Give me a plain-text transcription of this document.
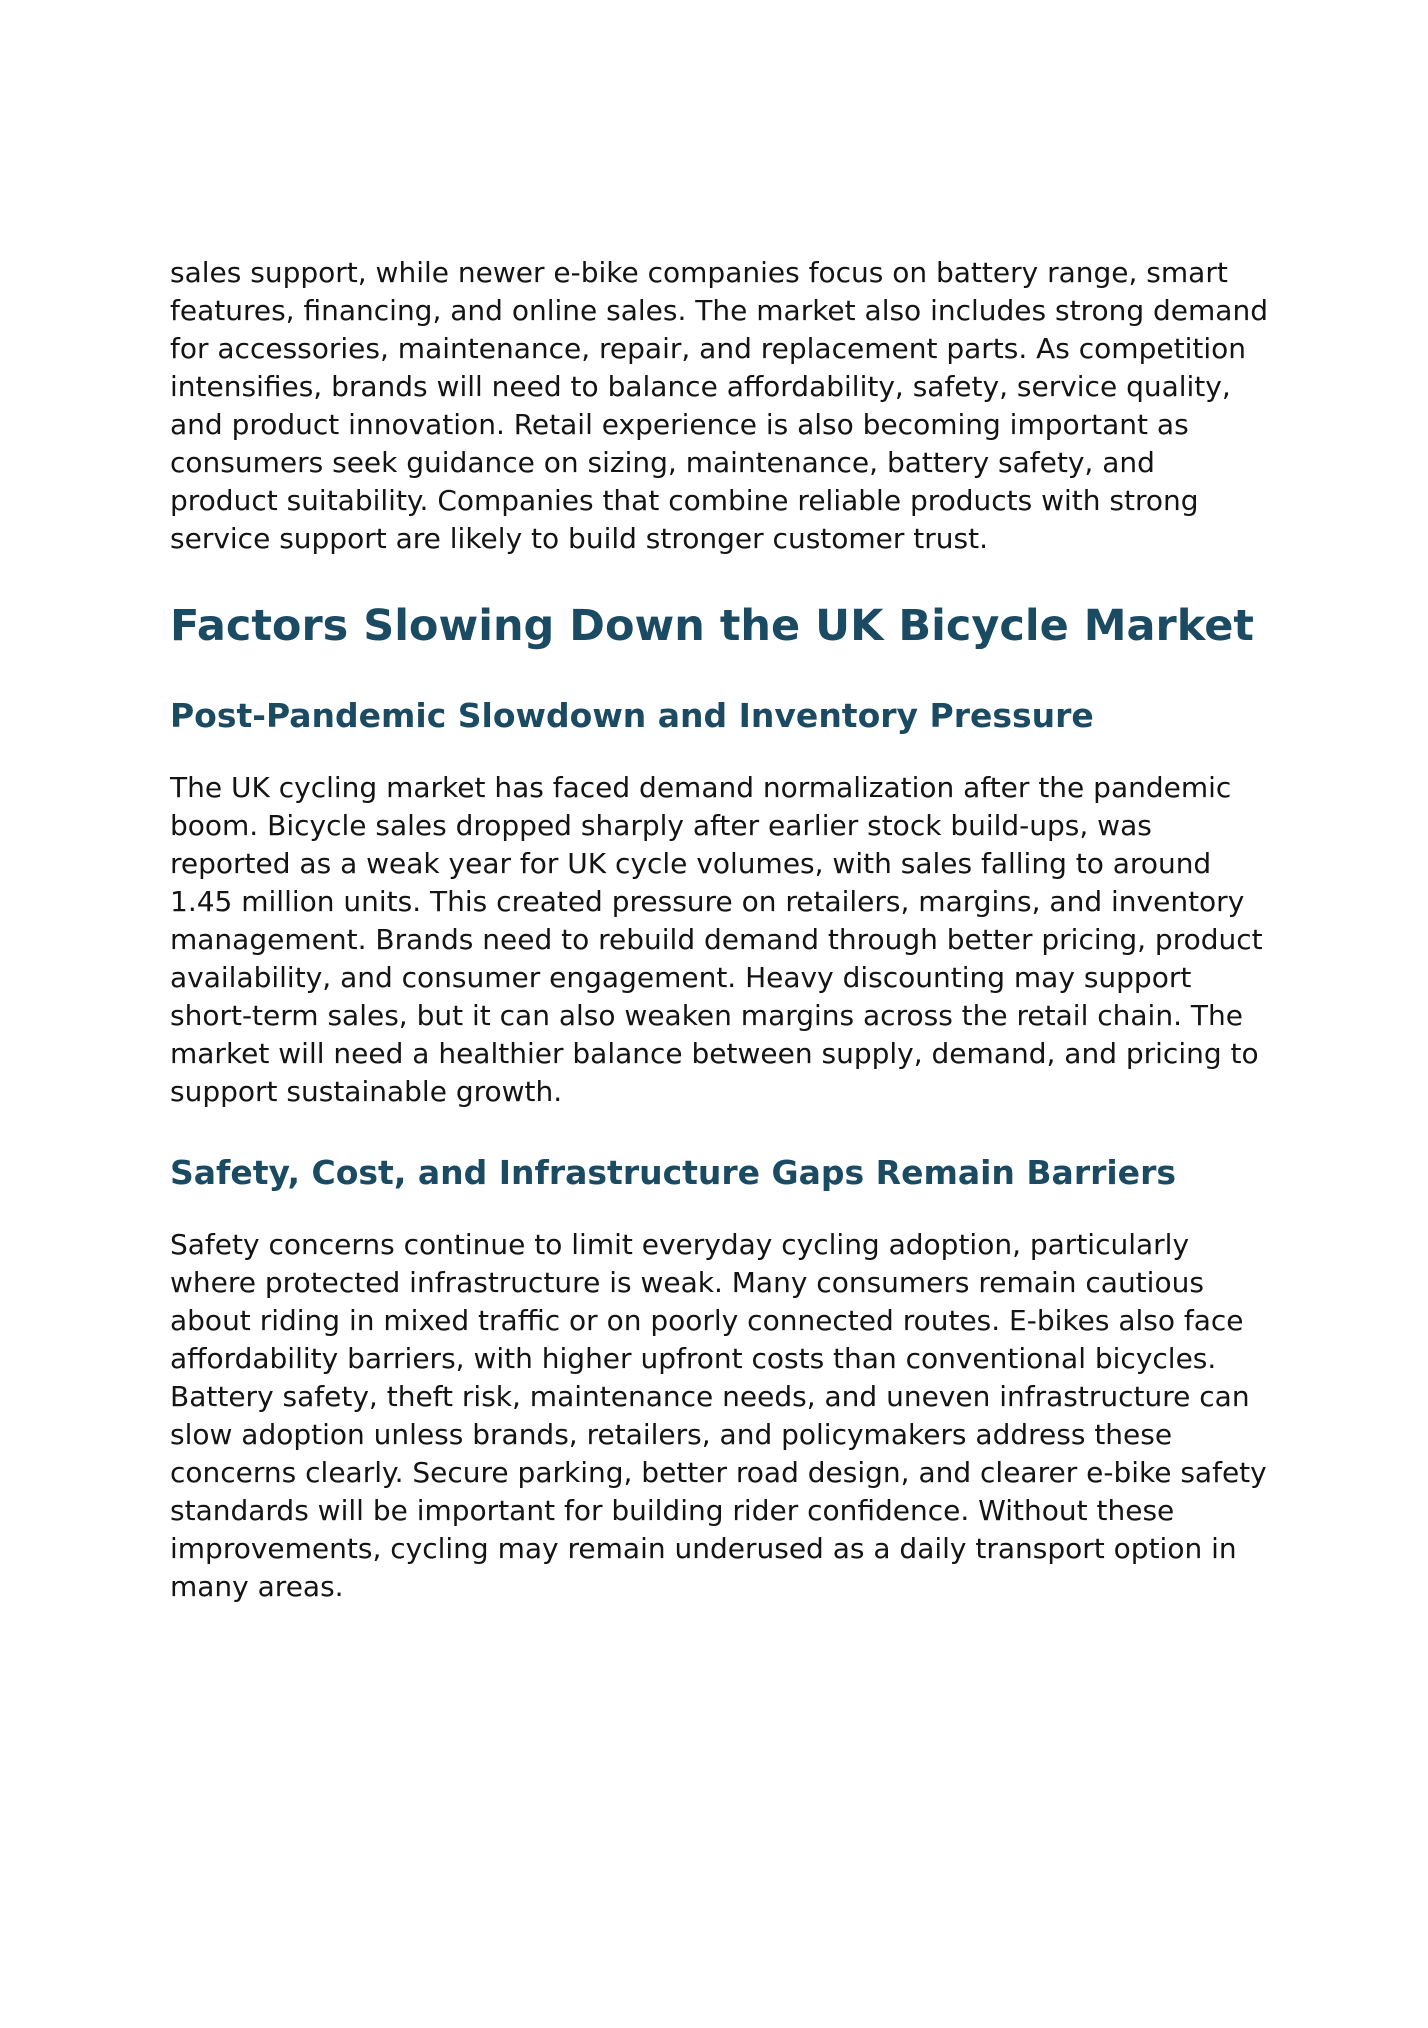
sales support, while newer e-bike companies focus on battery range, smart features, financing, and online sales. The market also includes strong demand for accessories, maintenance, repair, and replacement parts. As competition intensifies, brands will need to balance affordability, safety, service quality, and product innovation. Retail experience is also becoming important as consumers seek guidance on sizing, maintenance, battery safety, and product suitability. Companies that combine reliable products with strong service support are likely to build stronger customer trust.

Factors Slowing Down the UK Bicycle Market
Post-Pandemic Slowdown and Inventory Pressure

The UK cycling market has faced demand normalization after the pandemic boom. Bicycle sales dropped sharply after earlier stock build-ups, was reported as a weak year for UK cycle volumes, with sales falling to around 1.45 million units. This created pressure on retailers, margins, and inventory management. Brands need to rebuild demand through better pricing, product availability, and consumer engagement. Heavy discounting may support short-term sales, but it can also weaken margins across the retail chain. The market will need a healthier balance between supply, demand, and pricing to support sustainable growth.

Safety, Cost, and Infrastructure Gaps Remain Barriers

Safety concerns continue to limit everyday cycling adoption, particularly where protected infrastructure is weak. Many consumers remain cautious about riding in mixed traffic or on poorly connected routes. E-bikes also face affordability barriers, with higher upfront costs than conventional bicycles. Battery safety, theft risk, maintenance needs, and uneven infrastructure can slow adoption unless brands, retailers, and policymakers address these concerns clearly. Secure parking, better road design, and clearer e-bike safety standards will be important for building rider confidence. Without these improvements, cycling may remain underused as a daily transport option in many areas.
